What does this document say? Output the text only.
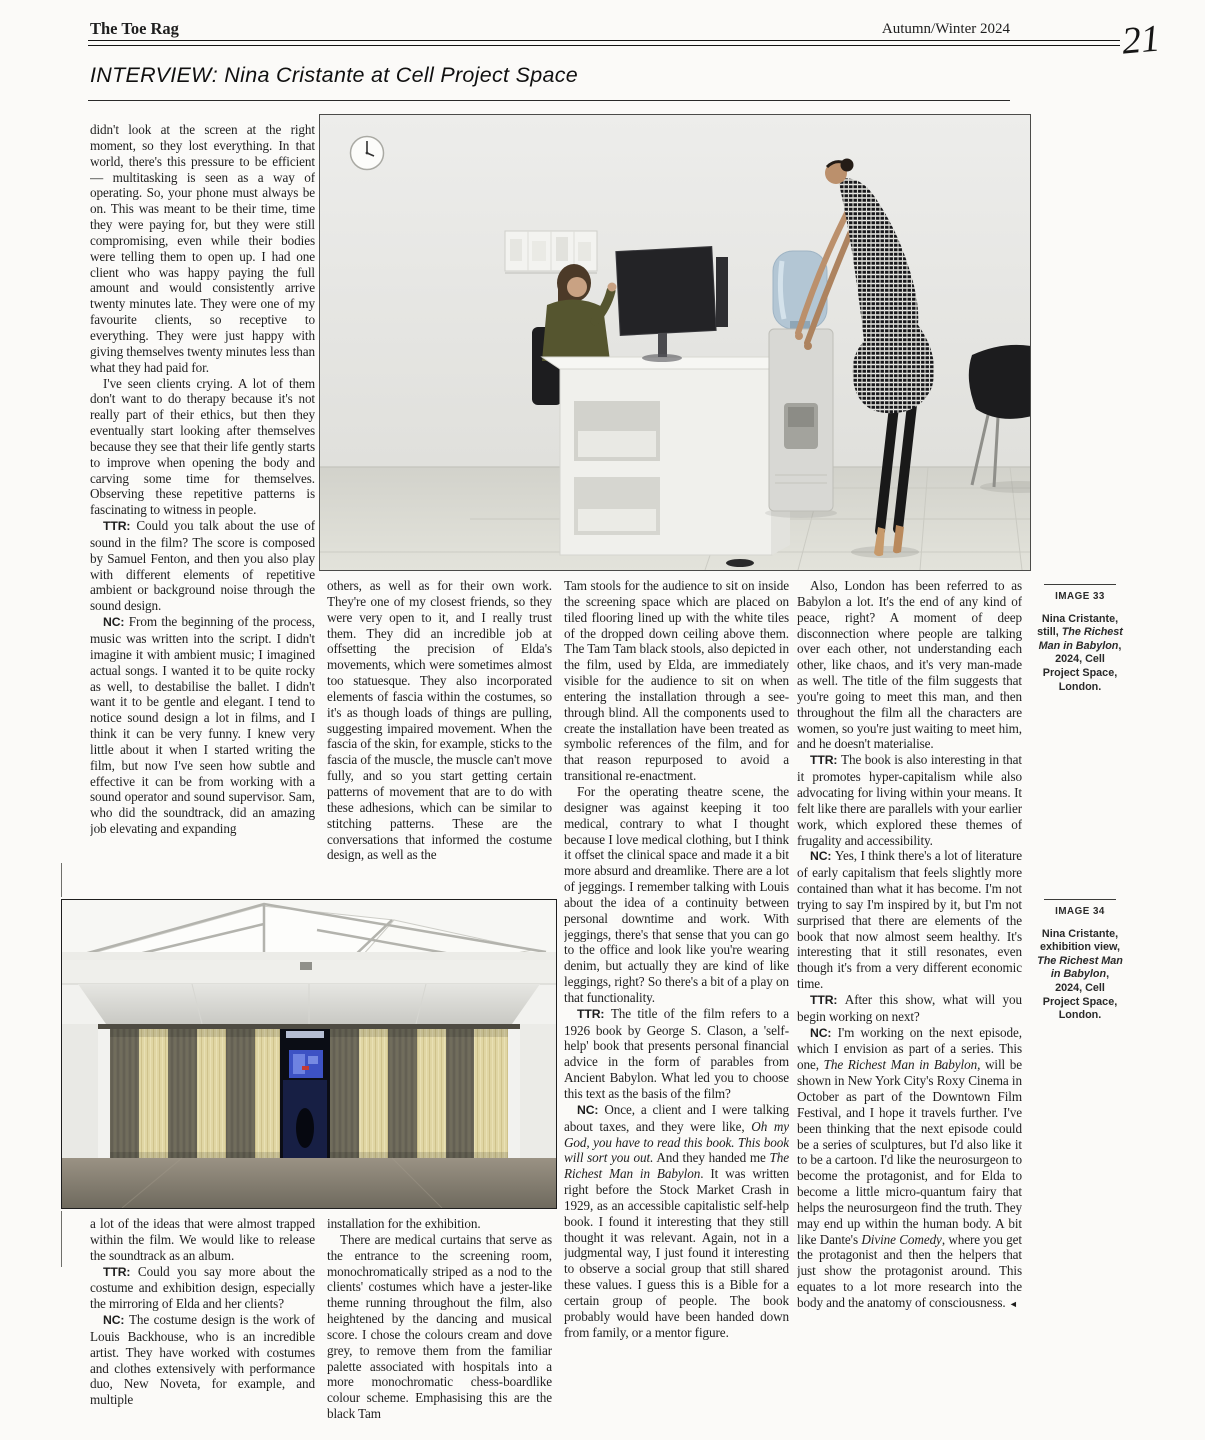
The Toe Rag	Autumn/Winter 2024	21
INTERVIEW: Nina Cristante at Cell Project Space

didn't look at the screen at the right moment, so they lost everything. In that world, there's this pressure to be efficient — multitasking is seen as a way of operating. So, your phone must always be on. This was meant to be their time, time they were paying for, but they were still compromising, even while their bodies were telling them to open up. I had one client who was happy paying the full amount and would consistently arrive twenty minutes late. They were one of my favourite clients, so receptive to everything. They were just happy with giving themselves twenty minutes less than what they had paid for.

I've seen clients crying. A lot of them don't want to do therapy because it's not really part of their ethics, but then they eventually start looking after themselves because they see that their life gently starts to improve when opening the body and carving some time for themselves. Observing these repetitive patterns is fascinating to witness in people.

TTR: Could you talk about the use of sound in the film? The score is composed by Samuel Fenton, and then you also play with different elements of repetitive ambient or background noise through the sound design.

NC: From the beginning of the process, music was written into the script. I didn't imagine it with ambient music; I imagined actual songs. I wanted it to be quite rocky as well, to destabilise the ballet. I didn't want it to be gentle and elegant. I tend to notice sound design a lot in films, and I think it can be very funny. I knew very little about it when I started writing the film, but now I've seen how subtle and effective it can be from working with a sound operator and sound supervisor. Sam, who did the soundtrack, did an amazing job elevating and expanding

others, as well as for their own work. They're one of my closest friends, so they were very open to it, and I really trust them. They did an incredible job at offsetting the precision of Elda's movements, which were sometimes almost too statuesque. They also incorporated elements of fascia within the costumes, so it's as though loads of things are pulling, suggesting impaired movement. When the fascia of the skin, for example, sticks to the fascia of the muscle, the muscle can't move fully, and so you start getting certain patterns of movement that are to do with these adhesions, which can be similar to stitching patterns. These are the conversations that informed the costume design, as well as the

Tam stools for the audience to sit on inside the screening space which are placed on tiled flooring lined up with the white tiles of the dropped down ceiling above them. The Tam Tam black stools, also depicted in the film, used by Elda, are immediately visible for the audience to sit on when entering the installation through a see-through blind. All the components used to create the installation have been treated as symbolic references of the film, and for that reason repurposed to avoid a transitional re-enactment.

For the operating theatre scene, the designer was against keeping it too medical, contrary to what I thought because I love medical clothing, but I think it offset the clinical space and made it a bit more absurd and dreamlike. There are a lot of jeggings. I remember talking with Louis about the idea of a continuity between personal downtime and work. With jeggings, there's that sense that you can go to the office and look like you're wearing denim, but actually they are kind of like leggings, right? So there's a bit of a play on that functionality.

TTR: The title of the film refers to a 1926 book by George S. Clason, a 'self-help' book that presents personal financial advice in the form of parables from Ancient Babylon. What led you to choose this text as the basis of the film?

NC: Once, a client and I were talking about taxes, and they were like, Oh my God, you have to read this book. This book will sort you out. And they handed me The Richest Man in Babylon. It was written right before the Stock Market Crash in 1929, as an accessible capitalistic self-help book. I found it interesting that they still thought it was relevant. Again, not in a judgmental way, I just found it interesting to observe a social group that still shared these values. I guess this is a Bible for a certain group of people. The book probably would have been handed down from family, or a mentor figure.

Also, London has been referred to as Babylon a lot. It's the end of any kind of peace, right? A moment of deep disconnection where people are talking over each other, not understanding each other, like chaos, and it's very man-made as well. The title of the film suggests that you're going to meet this man, and then throughout the film all the characters are women, so you're just waiting to meet him, and he doesn't materialise.

TTR: The book is also interesting in that it promotes hyper-capitalism while also advocating for living within your means. It felt like there are parallels with your earlier work, which explored these themes of frugality and accessibility.

NC: Yes, I think there's a lot of literature of early capitalism that feels slightly more contained than what it has become. I'm not trying to say I'm inspired by it, but I'm not surprised that there are elements of the book that now almost seem healthy. It's interesting that it still resonates, even though it's from a very different economic time.

TTR: After this show, what will you begin working on next?

NC: I'm working on the next episode, which I envision as part of a series. This one, The Richest Man in Babylon, will be shown in New York City's Roxy Cinema in October as part of the Downtown Film Festival, and I hope it travels further. I've been thinking that the next episode could be a series of sculptures, but I'd also like it to be a cartoon. I'd like the neurosurgeon to become the protagonist, and for Elda to become a little micro-quantum fairy that helps the neurosurgeon find the truth. They may end up within the human body. A bit like Dante's Divine Comedy, where you get the protagonist and then the helpers that just show the protagonist around. This equates to a lot more research into the body and the anatomy of consciousness. ◄

a lot of the ideas that were almost trapped within the film. We would like to release the soundtrack as an album.

TTR: Could you say more about the costume and exhibition design, especially the mirroring of Elda and her clients?

NC: The costume design is the work of Louis Backhouse, who is an incredible artist. They have worked with costumes and clothes extensively with performance duo, New Noveta, for example, and multiple

installation for the exhibition.

There are medical curtains that serve as the entrance to the screening room, monochromatically striped as a nod to the clients' costumes which have a jester-like theme running throughout the film, also heightened by the dancing and musical score. I chose the colours cream and dove grey, to remove them from the familiar palette associated with hospitals into a more monochromatic chess-boardlike colour scheme. Emphasising this are the black Tam

IMAGE 33
Nina Cristante, still, The Richest Man in Babylon, 2024, Cell Project Space, London.
IMAGE 34
Nina Cristante, exhibition view, The Richest Man in Babylon, 2024, Cell Project Space, London.
